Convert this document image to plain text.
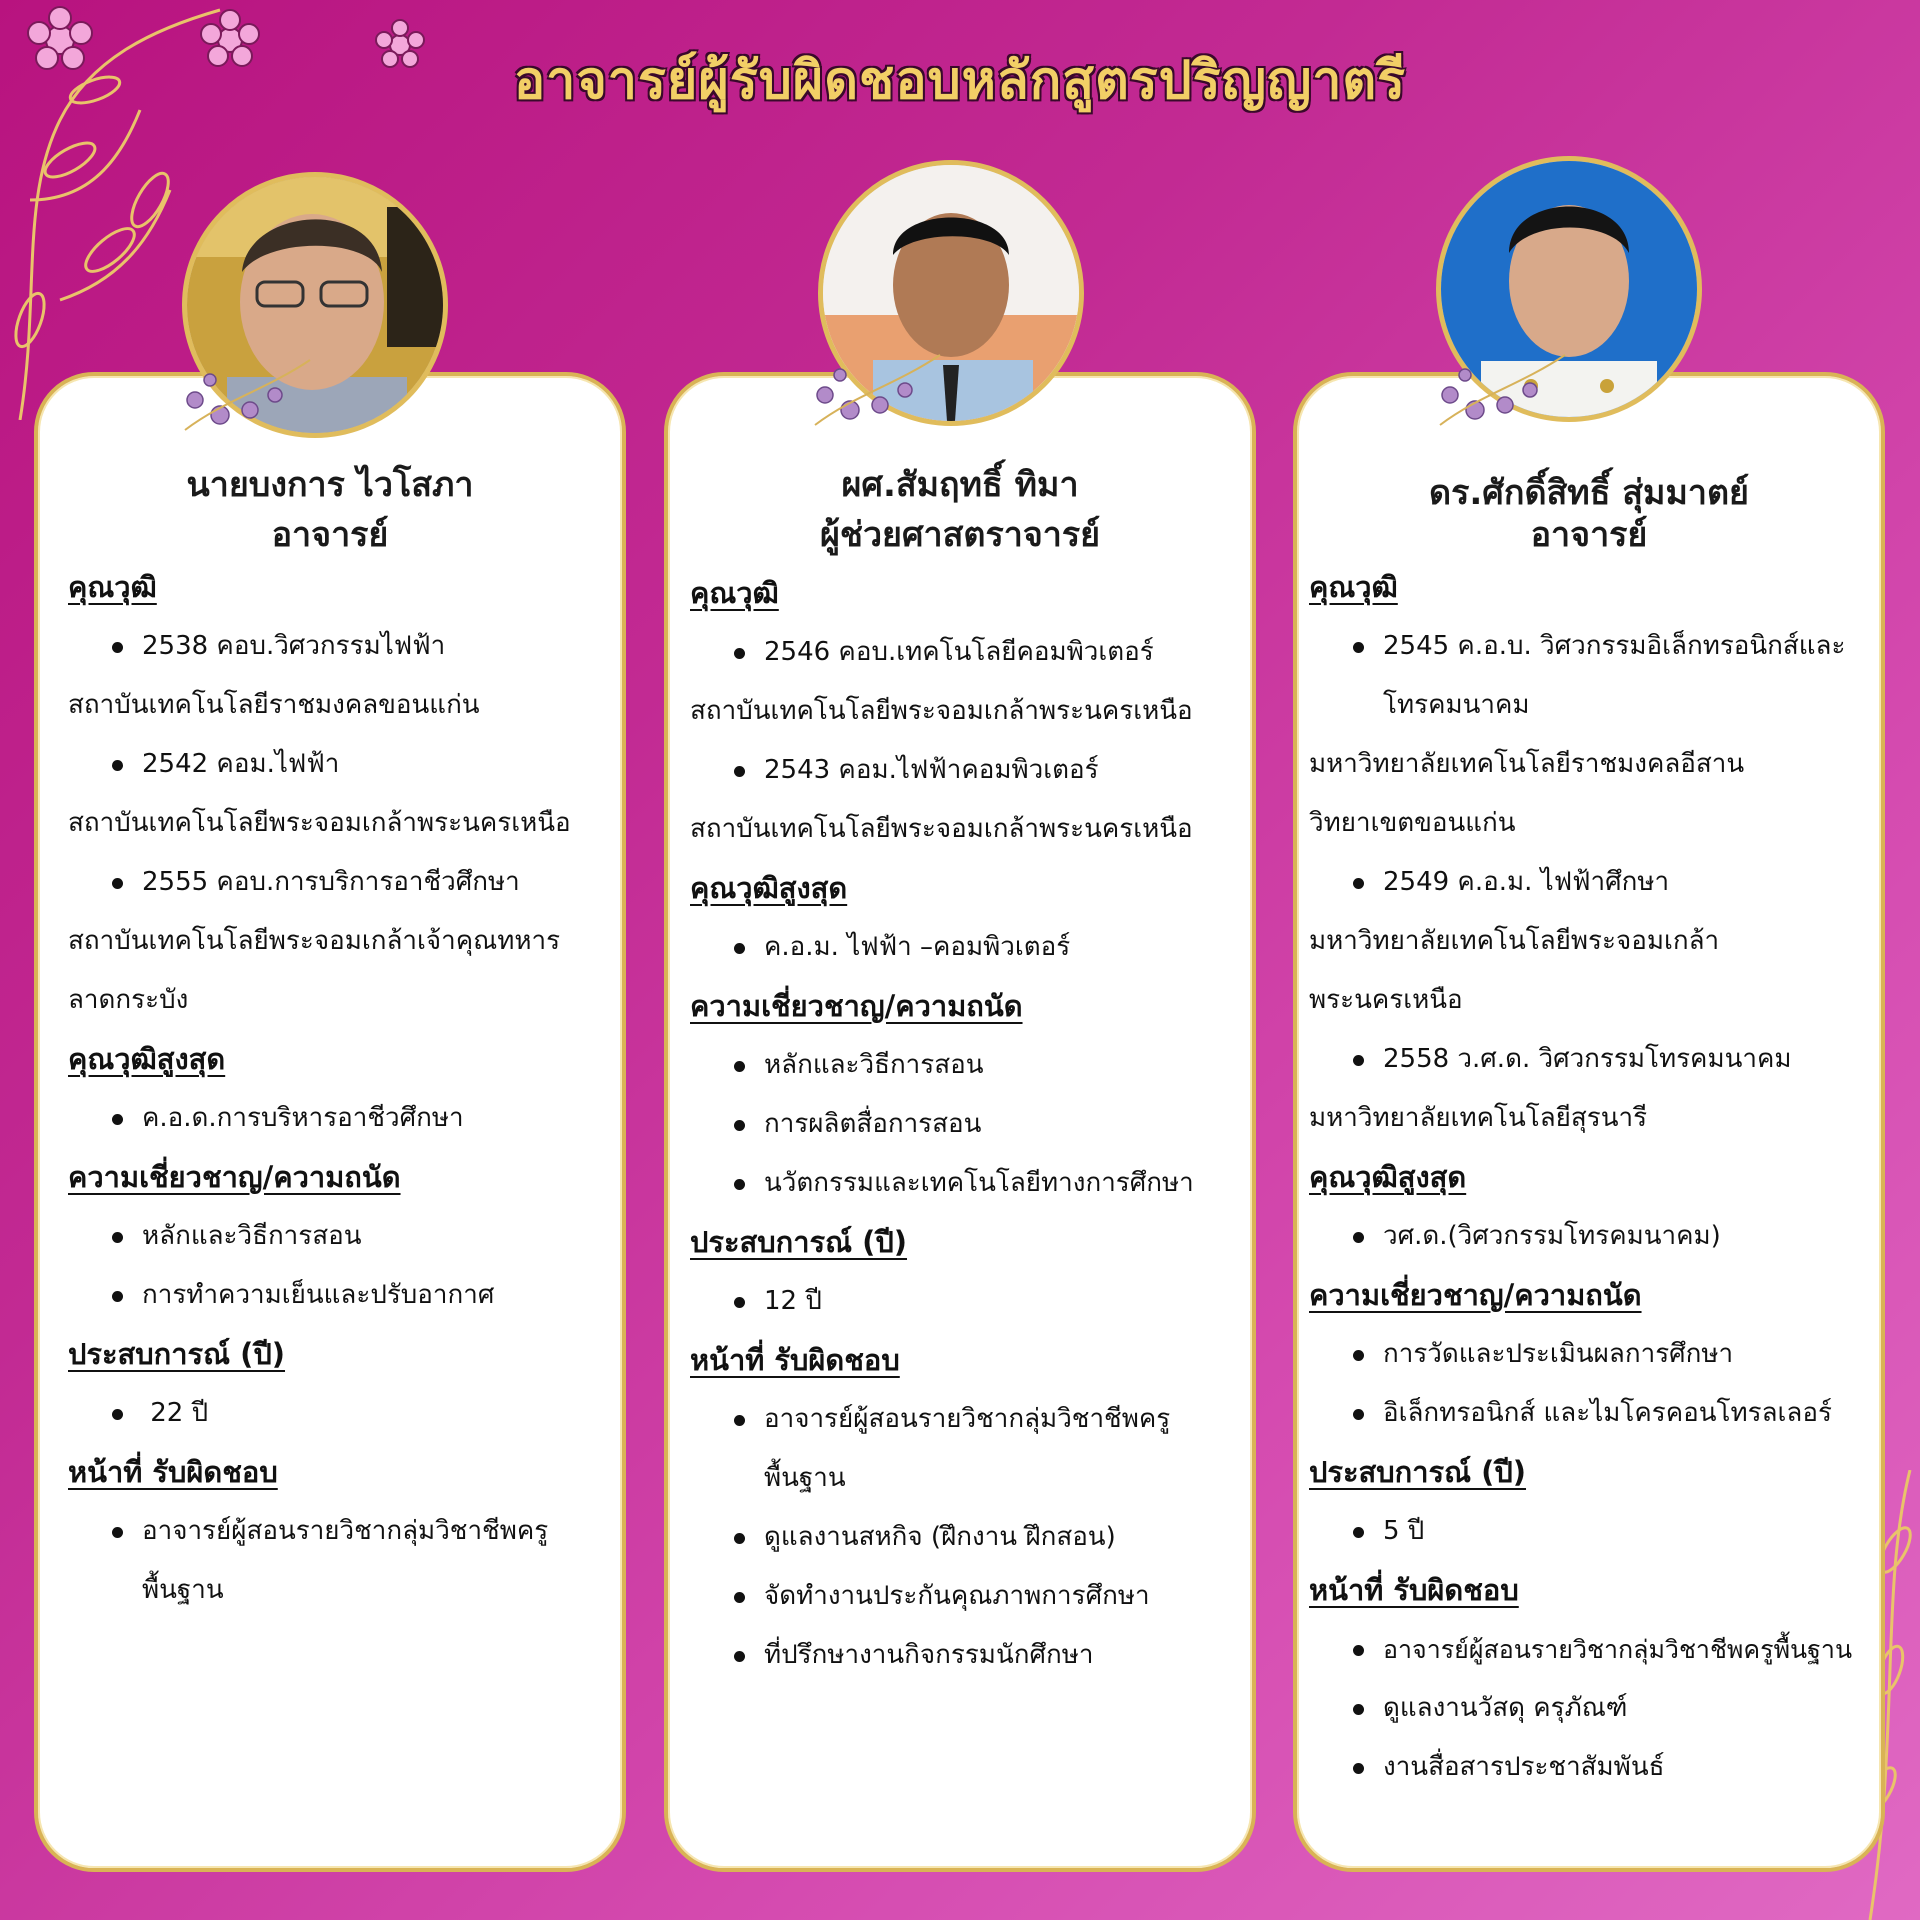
อาจารย์ผู้รับผิดชอบหลักสูตรปริญญาตรี
นายบงการ ไวโสภา
อาจารย์
คุณวุฒิ
2538 คอบ.วิศวกรรมไฟฟ้า
สถาบันเทคโนโลยีราชมงคลขอนแก่น
2542 คอม.ไฟฟ้า
สถาบันเทคโนโลยีพระจอมเกล้าพระนครเหนือ
2555 คอบ.การบริการอาชีวศึกษา
สถาบันเทคโนโลยีพระจอมเกล้าเจ้าคุณทหาร
ลาดกระบัง
คุณวุฒิสูงสุด
ค.อ.ด.การบริหารอาชีวศึกษา
ความเชี่ยวชาญ/ความถนัด
หลักและวิธีการสอน
การทำความเย็นและปรับอากาศ
ประสบการณ์ (ปี)
22 ปี
หน้าที่ รับผิดชอบ
อาจารย์ผู้สอนรายวิชากลุ่มวิชาชีพครู
พื้นฐาน
ผศ.สัมฤทธิ์ ทิมา
ผู้ช่วยศาสตราจารย์
คุณวุฒิ
2546 คอบ.เทคโนโลยีคอมพิวเตอร์
สถาบันเทคโนโลยีพระจอมเกล้าพระนครเหนือ
2543 คอม.ไฟฟ้าคอมพิวเตอร์
สถาบันเทคโนโลยีพระจอมเกล้าพระนครเหนือ
คุณวุฒิสูงสุด
ค.อ.ม. ไฟฟ้า –คอมพิวเตอร์
ความเชี่ยวชาญ/ความถนัด
หลักและวิธีการสอน
การผลิตสื่อการสอน
นวัตกรรมและเทคโนโลยีทางการศึกษา
ประสบการณ์ (ปี)
12 ปี
หน้าที่ รับผิดชอบ
อาจารย์ผู้สอนรายวิชากลุ่มวิชาชีพครู
พื้นฐาน
ดูแลงานสหกิจ (ฝึกงาน ฝึกสอน)
จัดทำงานประกันคุณภาพการศึกษา
ที่ปรึกษางานกิจกรรมนักศึกษา
ดร.ศักดิ์สิทธิ์ สุ่มมาตย์
อาจารย์
คุณวุฒิ
2545 ค.อ.บ. วิศวกรรมอิเล็กทรอนิกส์และ
โทรคมนาคม
มหาวิทยาลัยเทคโนโลยีราชมงคลอีสาน
วิทยาเขตขอนแก่น
2549 ค.อ.ม. ไฟฟ้าศึกษา
มหาวิทยาลัยเทคโนโลยีพระจอมเกล้า
พระนครเหนือ
2558 ว.ศ.ด. วิศวกรรมโทรคมนาคม
มหาวิทยาลัยเทคโนโลยีสุรนารี
คุณวุฒิสูงสุด
วศ.ด.(วิศวกรรมโทรคมนาคม)
ความเชี่ยวชาญ/ความถนัด
การวัดและประเมินผลการศึกษา
อิเล็กทรอนิกส์ และไมโครคอนโทรลเลอร์
ประสบการณ์ (ปี)
5 ปี
หน้าที่ รับผิดชอบ
อาจารย์ผู้สอนรายวิชากลุ่มวิชาชีพครูพื้นฐาน
ดูแลงานวัสดุ ครุภัณฑ์
งานสื่อสารประชาสัมพันธ์
